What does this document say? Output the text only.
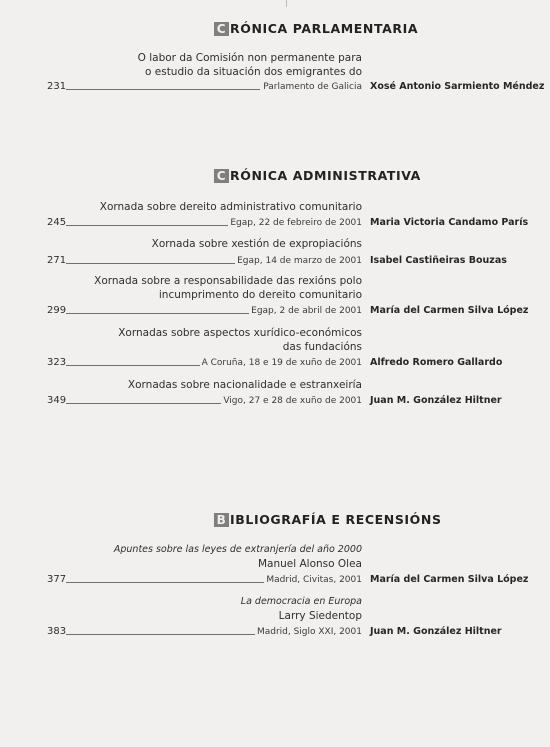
C RÓNICA PARLAMENTARIA
O labor da Comisión non permanente para
o estudio da situación dos emigrantes do
231	Parlamento de Galicia Xosé Antonio Sarmiento Méndez
C RÓNICA ADMINISTRATIVA
Xornada sobre dereito administrativo comunitario
245	Egap, 22 de febreiro de 2001 Maria Victoria Candamo París
Xornada sobre xestión de expropiacións
271	Egap, 14 de marzo de 2001 Isabel Castiñeiras Bouzas
Xornada sobre a responsabilidade das rexións polo
incumprimento do dereito comunitario
299	Egap, 2 de abril de 2001 María del Carmen Silva López
Xornadas sobre aspectos xurídico-económicos
das fundacións
323	A Coruña, 18 e 19 de xuño de 2001 Alfredo Romero Gallardo
Xornadas sobre nacionalidade e estranxeiría
349	Vigo, 27 e 28 de xuño de 2001 Juan M. González Hiltner
B IBLIOGRAFÍA E RECENSIÓNS
Apuntes sobre las leyes de extranjería del año 2000
Manuel Alonso Olea
377	Madrid, Civitas, 2001 María del Carmen Silva López
La democracia en Europa
Larry Siedentop
383	Madrid, Siglo XXI, 2001 Juan M. González Hiltner
